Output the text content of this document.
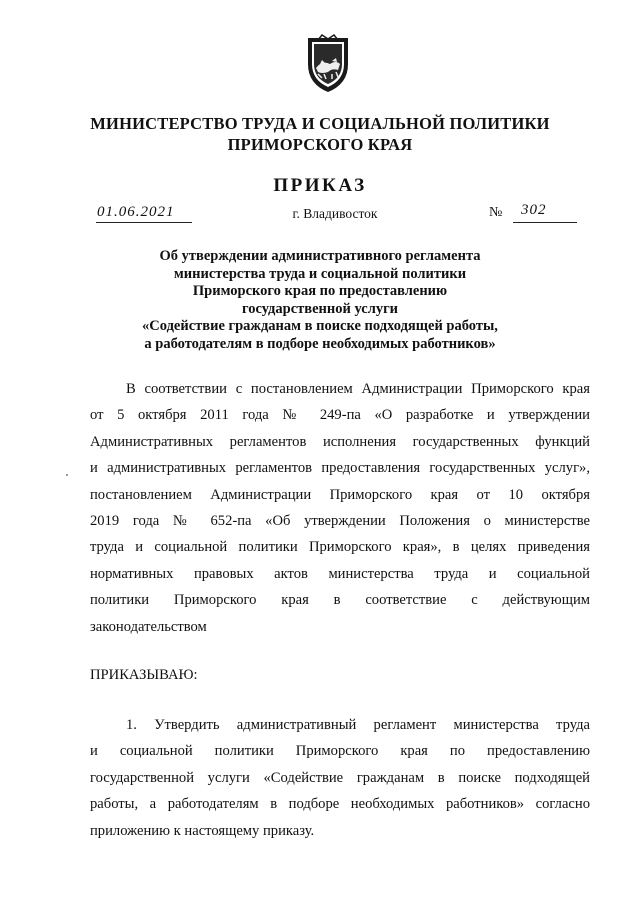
МИНИСТЕРСТВО ТРУДА И СОЦИАЛЬНОЙ ПОЛИТИКИ
ПРИМОРСКОГО КРАЯ
ПРИКАЗ
01.06.2021	г. Владивосток	№ 302
Об утверждении административного регламента
министерства труда и социальной политики
Приморского края по предоставлению
государственной услуги
«Содействие гражданам в поиске подходящей работы,
а работодателям в подборе необходимых работников»
В соответствии с постановлением Администрации Приморского края
от 5 октября 2011 года № 249-па «О разработке и утверждении
Административных регламентов исполнения государственных функций
и административных регламентов предоставления государственных услуг»,
постановлением Администрации Приморского края от 10 октября
2019 года № 652-па «Об утверждении Положения о министерстве
труда и социальной политики Приморского края», в целях приведения
нормативных правовых актов министерства труда и социальной
политики Приморского края в соответствие с действующим
законодательством
ПРИКАЗЫВАЮ:
1. Утвердить административный регламент министерства труда
и социальной политики Приморского края по предоставлению
государственной услуги «Содействие гражданам в поиске подходящей
работы, а работодателям в подборе необходимых работников» согласно
приложению к настоящему приказу.
